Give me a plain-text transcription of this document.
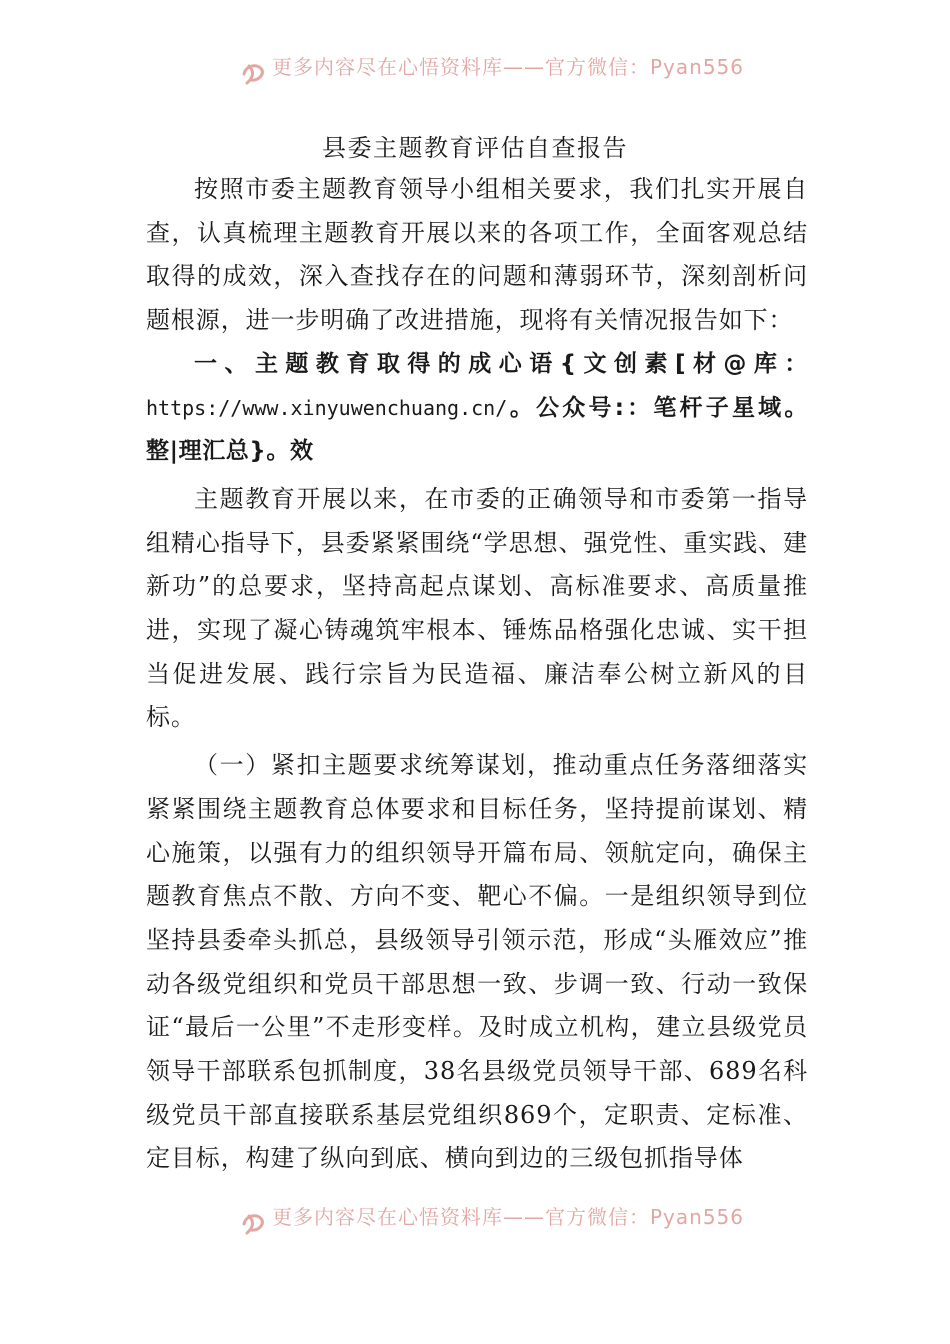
更多内容尽在心悟资料库——官方微信：Pyan556
县委主题教育评估自查报告

按照市委主题教育领导小组相关要求，我们扎实开展自查，认真梳理主题教育开展以来的各项工作，全面客观总结取得的成效，深入查找存在的问题和薄弱环节，深刻剖析问题根源，进一步明确了改进措施，现将有关情况报告如下：

一、主题教育取得的成心语{文创素[材@库：https://www.xinyuwenchuang.cn/。公众号:：笔杆子星域。整|理汇总}。效

主题教育开展以来，在市委的正确领导和市委第一指导组精心指导下，县委紧紧围绕“学思想、强党性、重实践、建新功”的总要求，坚持高起点谋划、高标准要求、高质量推进，实现了凝心铸魂筑牢根本、锤炼品格强化忠诚、实干担当促进发展、践行宗旨为民造福、廉洁奉公树立新风的目标。

（一）紧扣主题要求统筹谋划，推动重点任务落细落实紧紧围绕主题教育总体要求和目标任务，坚持提前谋划、精心施策，以强有力的组织领导开篇布局、领航定向，确保主题教育焦点不散、方向不变、靶心不偏。一是组织领导到位坚持县委牵头抓总，县级领导引领示范，形成“头雁效应”推动各级党组织和党员干部思想一致、步调一致、行动一致保证“最后一公里”不走形变样。及时成立机构，建立县级党员领导干部联系包抓制度，38名县级党员领导干部、689名科级党员干部直接联系基层党组织869个，定职责、定标准、定目标，构建了纵向到底、横向到边的三级包抓指导体

更多内容尽在心悟资料库——官方微信：Pyan556
